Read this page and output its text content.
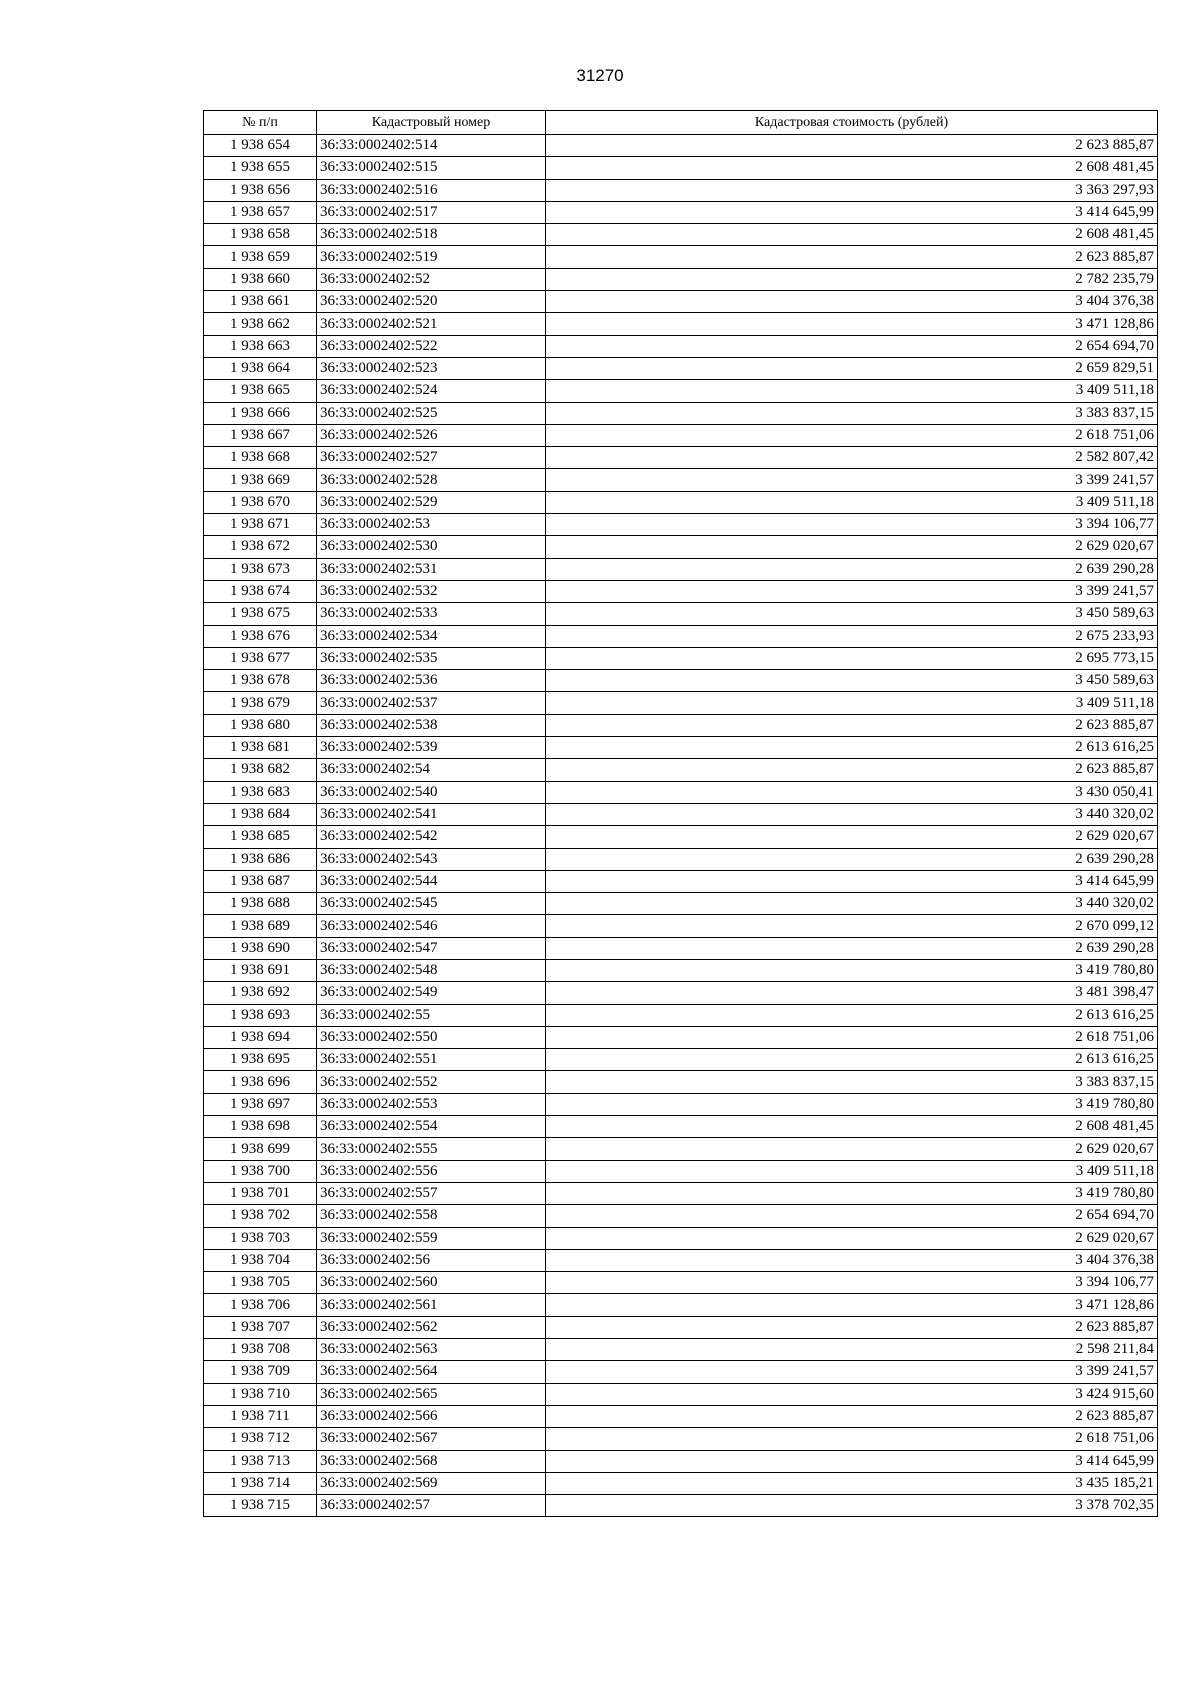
31270
№ п/п	Кадастровый номер	Кадастровая стоимость (рублей)
1 938 654	36:33:0002402:514	2 623 885,87
1 938 655	36:33:0002402:515	2 608 481,45
1 938 656	36:33:0002402:516	3 363 297,93
1 938 657	36:33:0002402:517	3 414 645,99
1 938 658	36:33:0002402:518	2 608 481,45
1 938 659	36:33:0002402:519	2 623 885,87
1 938 660	36:33:0002402:52	2 782 235,79
1 938 661	36:33:0002402:520	3 404 376,38
1 938 662	36:33:0002402:521	3 471 128,86
1 938 663	36:33:0002402:522	2 654 694,70
1 938 664	36:33:0002402:523	2 659 829,51
1 938 665	36:33:0002402:524	3 409 511,18
1 938 666	36:33:0002402:525	3 383 837,15
1 938 667	36:33:0002402:526	2 618 751,06
1 938 668	36:33:0002402:527	2 582 807,42
1 938 669	36:33:0002402:528	3 399 241,57
1 938 670	36:33:0002402:529	3 409 511,18
1 938 671	36:33:0002402:53	3 394 106,77
1 938 672	36:33:0002402:530	2 629 020,67
1 938 673	36:33:0002402:531	2 639 290,28
1 938 674	36:33:0002402:532	3 399 241,57
1 938 675	36:33:0002402:533	3 450 589,63
1 938 676	36:33:0002402:534	2 675 233,93
1 938 677	36:33:0002402:535	2 695 773,15
1 938 678	36:33:0002402:536	3 450 589,63
1 938 679	36:33:0002402:537	3 409 511,18
1 938 680	36:33:0002402:538	2 623 885,87
1 938 681	36:33:0002402:539	2 613 616,25
1 938 682	36:33:0002402:54	2 623 885,87
1 938 683	36:33:0002402:540	3 430 050,41
1 938 684	36:33:0002402:541	3 440 320,02
1 938 685	36:33:0002402:542	2 629 020,67
1 938 686	36:33:0002402:543	2 639 290,28
1 938 687	36:33:0002402:544	3 414 645,99
1 938 688	36:33:0002402:545	3 440 320,02
1 938 689	36:33:0002402:546	2 670 099,12
1 938 690	36:33:0002402:547	2 639 290,28
1 938 691	36:33:0002402:548	3 419 780,80
1 938 692	36:33:0002402:549	3 481 398,47
1 938 693	36:33:0002402:55	2 613 616,25
1 938 694	36:33:0002402:550	2 618 751,06
1 938 695	36:33:0002402:551	2 613 616,25
1 938 696	36:33:0002402:552	3 383 837,15
1 938 697	36:33:0002402:553	3 419 780,80
1 938 698	36:33:0002402:554	2 608 481,45
1 938 699	36:33:0002402:555	2 629 020,67
1 938 700	36:33:0002402:556	3 409 511,18
1 938 701	36:33:0002402:557	3 419 780,80
1 938 702	36:33:0002402:558	2 654 694,70
1 938 703	36:33:0002402:559	2 629 020,67
1 938 704	36:33:0002402:56	3 404 376,38
1 938 705	36:33:0002402:560	3 394 106,77
1 938 706	36:33:0002402:561	3 471 128,86
1 938 707	36:33:0002402:562	2 623 885,87
1 938 708	36:33:0002402:563	2 598 211,84
1 938 709	36:33:0002402:564	3 399 241,57
1 938 710	36:33:0002402:565	3 424 915,60
1 938 711	36:33:0002402:566	2 623 885,87
1 938 712	36:33:0002402:567	2 618 751,06
1 938 713	36:33:0002402:568	3 414 645,99
1 938 714	36:33:0002402:569	3 435 185,21
1 938 715	36:33:0002402:57	3 378 702,35
